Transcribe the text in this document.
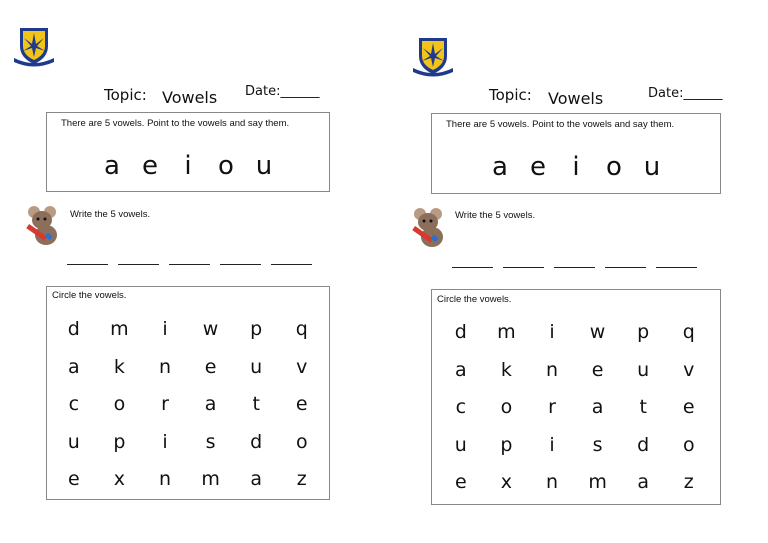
Topic: Vowels Date:______
There are 5 vowels. Point to the vowels and say them.
a e	i	o u
Write the 5 vowels.
Circle the vowels.
d	m	i	w	p	q
a	k	n	e	u	v
c	o	r	a	t	e
u	p	i	s	d	o
e	x	n	m	a	z
Topic: Vowels	Date:______
There are 5 vowels. Point to the vowels and say them.
a e	i	o u
Write the 5 vowels.
Circle the vowels.
d	m	i	w	p	q
a	k	n	e	u	v
c	o	r	a	t	e
u	p	i	s	d	o
e	x	n	m	a	z
